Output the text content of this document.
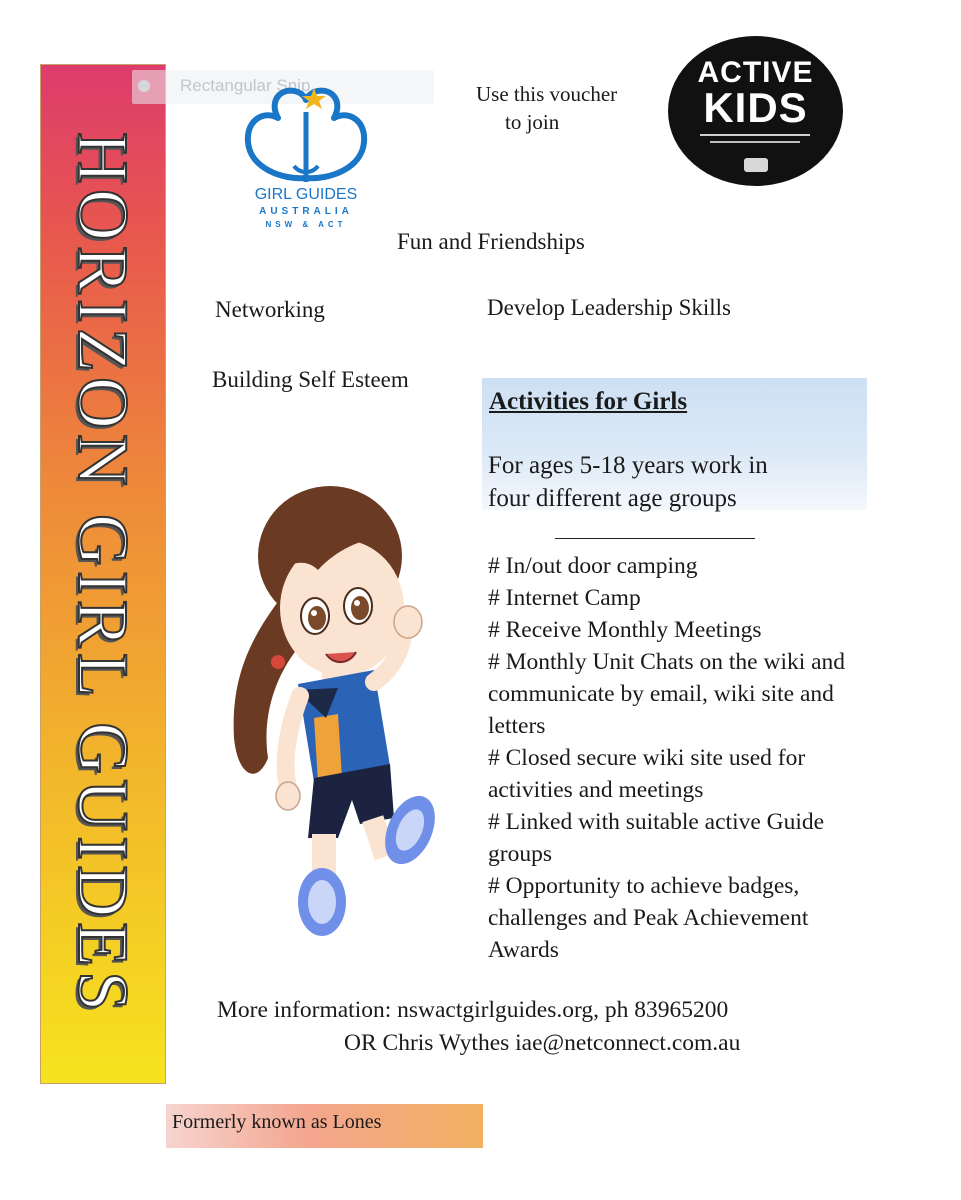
HORIZON GIRL GUIDES
Rectangular Snip
GIRL GUIDES
AUSTRALIA
NSW & ACT
Use this voucher
to join
ACTIVE
KIDS
Fun and Friendships
Networking	Develop Leadership Skills
Building Self Esteem
Activities for Girls
For ages 5-18 years work in
four different age groups
# In/out door camping
# Internet Camp
# Receive Monthly Meetings
# Monthly Unit Chats on the wiki and communicate by email, wiki site and letters
# Closed secure wiki site used for activities and meetings
# Linked with suitable active Guide groups
# Opportunity to achieve badges, challenges and Peak Achievement Awards
More information: nswactgirlguides.org, ph 83965200
OR Chris Wythes iae@netconnect.com.au
Formerly known as Lones
